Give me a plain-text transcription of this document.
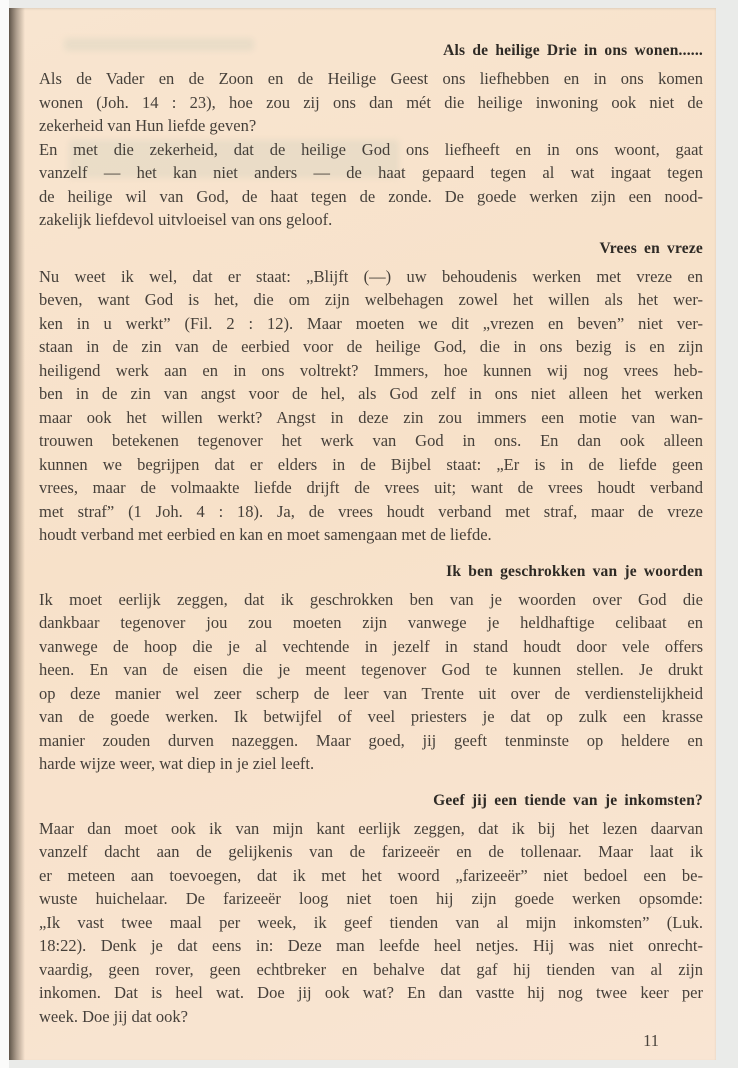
Als de heilige Drie in ons wonen......
Als de Vader en de Zoon en de Heilige Geest ons liefhebben en in ons komen
wonen (Joh. 14 : 23), hoe zou zij ons dan mét die heilige inwoning ook niet de
zekerheid van Hun liefde geven?
En met die zekerheid, dat de heilige God ons liefheeft en in ons woont, gaat
vanzelf — het kan niet anders — de haat gepaard tegen al wat ingaat tegen
de heilige wil van God, de haat tegen de zonde. De goede werken zijn een nood-
zakelijk liefdevol uitvloeisel van ons geloof.
Vrees en vreze
Nu weet ik wel, dat er staat: „Blijft (—) uw behoudenis werken met vreze en
beven, want God is het, die om zijn welbehagen zowel het willen als het wer-
ken in u werkt” (Fil. 2 : 12). Maar moeten we dit „vrezen en beven” niet ver-
staan in de zin van de eerbied voor de heilige God, die in ons bezig is en zijn
heiligend werk aan en in ons voltrekt? Immers, hoe kunnen wij nog vrees heb-
ben in de zin van angst voor de hel, als God zelf in ons niet alleen het werken
maar ook het willen werkt? Angst in deze zin zou immers een motie van wan-
trouwen betekenen tegenover het werk van God in ons. En dan ook alleen
kunnen we begrijpen dat er elders in de Bijbel staat: „Er is in de liefde geen
vrees, maar de volmaakte liefde drijft de vrees uit; want de vrees houdt verband
met straf” (1 Joh. 4 : 18). Ja, de vrees houdt verband met straf, maar de vreze
houdt verband met eerbied en kan en moet samengaan met de liefde.
Ik ben geschrokken van je woorden
Ik moet eerlijk zeggen, dat ik geschrokken ben van je woorden over God die
dankbaar tegenover jou zou moeten zijn vanwege je heldhaftige celibaat en
vanwege de hoop die je al vechtende in jezelf in stand houdt door vele offers
heen. En van de eisen die je meent tegenover God te kunnen stellen. Je drukt
op deze manier wel zeer scherp de leer van Trente uit over de verdienstelijkheid
van de goede werken. Ik betwijfel of veel priesters je dat op zulk een krasse
manier zouden durven nazeggen. Maar goed, jij geeft tenminste op heldere en
harde wijze weer, wat diep in je ziel leeft.
Geef jij een tiende van je inkomsten?
Maar dan moet ook ik van mijn kant eerlijk zeggen, dat ik bij het lezen daarvan
vanzelf dacht aan de gelijkenis van de farizeeër en de tollenaar. Maar laat ik
er meteen aan toevoegen, dat ik met het woord „farizeeër” niet bedoel een be-
wuste huichelaar. De farizeeër loog niet toen hij zijn goede werken opsomde:
„Ik vast twee maal per week, ik geef tienden van al mijn inkomsten” (Luk.
18:22). Denk je dat eens in: Deze man leefde heel netjes. Hij was niet onrecht-
vaardig, geen rover, geen echtbreker en behalve dat gaf hij tienden van al zijn
inkomen. Dat is heel wat. Doe jij ook wat? En dan vastte hij nog twee keer per
week. Doe jij dat ook?
11
